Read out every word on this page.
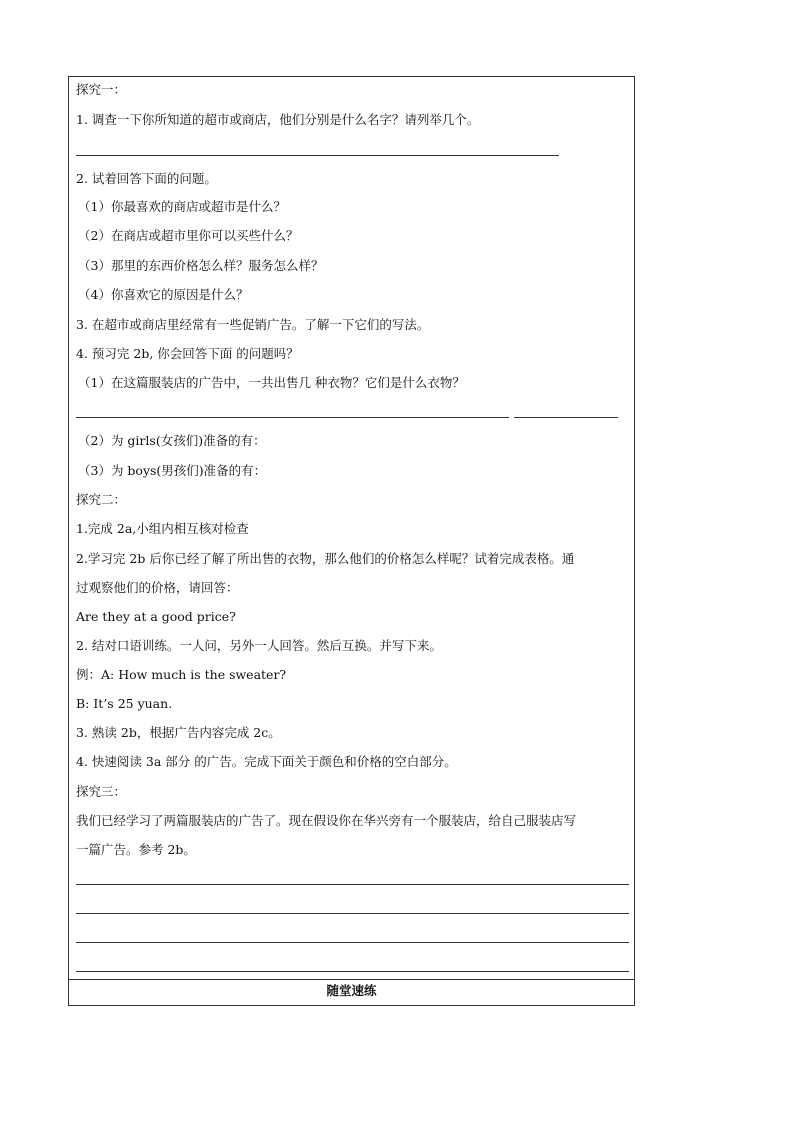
探究一：
1. 调查一下你所知道的超市或商店，他们分别是什么名字？请列举几个。
2. 试着回答下面的问题。
（1）你最喜欢的商店或超市是什么？
（2）在商店或超市里你可以买些什么？
（3）那里的东西价格怎么样？服务怎么样？
（4）你喜欢它的原因是什么？
3. 在超市或商店里经常有一些促销广告。了解一下它们的写法。
4. 预习完 2b, 你会回答下面 的问题吗？
（1）在这篇服装店的广告中，一共出售几 种衣物？它们是什么衣物？
（2）为 girls(女孩们)准备的有：
（3）为 boys(男孩们)准备的有：
探究二：
1.完成 2a,小组内相互核对检查
2.学习完 2b 后你已经了解了所出售的衣物，那么他们的价格怎么样呢？试着完成表格。通
过观察他们的价格，请回答：
Are they at a good price?
2. 结对口语训练。一人问，另外一人回答。然后互换。并写下来。
例：A: How much is the sweater?
B: It’s 25 yuan.
3. 熟读 2b，根据广告内容完成 2c。
4. 快速阅读 3a 部分 的广告。完成下面关于颜色和价格的空白部分。
探究三：
我们已经学习了两篇服装店的广告了。现在假设你在华兴旁有一个服装店，给自己服装店写
一篇广告。参考 2b。
随堂速练
